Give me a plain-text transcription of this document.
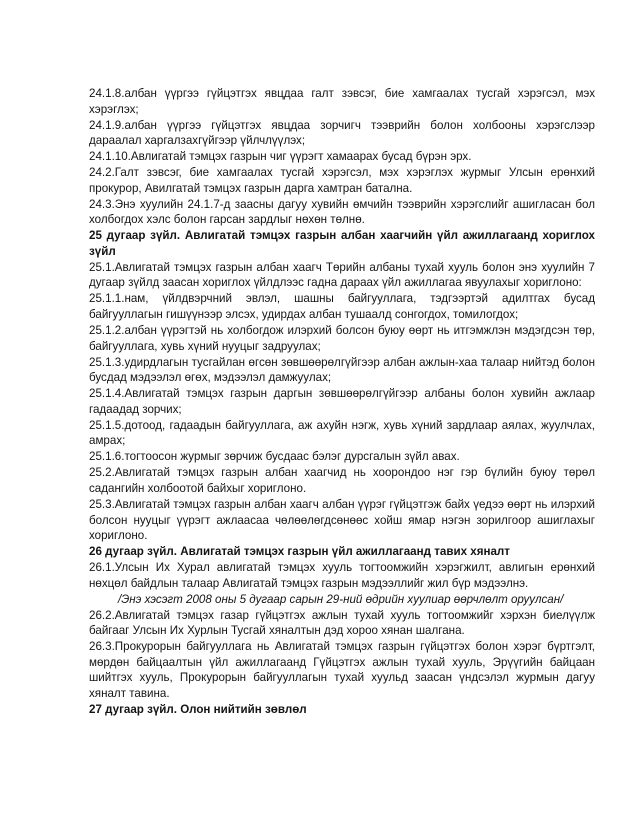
24.1.8.албан үүргээ гүйцэтгэх явцдаа галт зэвсэг, бие хамгаалах тусгай хэрэгсэл, мэх хэрэглэх;

24.1.9.албан үүргээ гүйцэтгэх явцдаа зорчигч тээврийн болон холбооны хэрэгслээр дараалал харгалзахгүйгээр үйлчлүүлэх;

24.1.10.Авлигатай тэмцэх газрын чиг үүрэгт хамаарах бусад бүрэн эрх.

24.2.Галт зэвсэг, бие хамгаалах тусгай хэрэгсэл, мэх хэрэглэх журмыг Улсын ерөнхий прокурор, Авилгатай тэмцэх газрын дарга хамтран батална.

24.3.Энэ хуулийн 24.1.7-д заасны дагуу хувийн өмчийн тээврийн хэрэгслийг ашигласан бол холбогдох хэлс болон гарсан зардлыг нөхөн төлнө.

25 дугаар зүйл. Авлигатай тэмцэх газрын албан хаагчийн үйл ажиллагаанд хориглох зүйл

25.1.Авлигатай тэмцэх газрын албан хаагч Төрийн албаны тухай хууль болон энэ хуулийн 7 дугаар зүйлд заасан хориглох үйлдлээс гадна дараах үйл ажиллагаа явуулахыг хориглоно:

25.1.1.нам, үйлдвэрчний эвлэл, шашны байгууллага, тэдгээртэй адилтгах бусад байгууллагын гишүүнээр элсэх, удирдах албан тушаалд сонгогдох, томилогдох;

25.1.2.албан үүрэгтэй нь холбогдож илэрхий болсон буюу өөрт нь итгэмжлэн мэдэгдсэн төр, байгууллага, хувь хүний нууцыг задруулах;

25.1.3.удирдлагын тусгайлан өгсөн зөвшөөрөлгүйгээр албан ажлын-хаа талаар нийтэд болон бусдад мэдээлэл өгөх, мэдээлэл дамжуулах;

25.1.4.Авлигатай тэмцэх газрын даргын зөвшөөрөлгүйгээр албаны болон хувийн ажлаар гадаадад зорчих;

25.1.5.дотоод, гадаадын байгууллага, аж ахуйн нэгж, хувь хүний зардлаар аялах, жуулчлах, амрах;

25.1.6.тогтоосон журмыг зөрчиж бусдаас бэлэг дурсгалын зүйл авах.

25.2.Авлигатай тэмцэх газрын албан хаагчид нь хоорондоо нэг гэр бүлийн буюу төрөл садангийн холбоотой байхыг хориглоно.

25.3.Авлигатай тэмцэх газрын албан хаагч албан үүрэг гүйцэтгэж байх үедээ өөрт нь илэрхий болсон нууцыг үүрэгт ажлаасаа чөлөөлөгдсөнөөс хойш ямар нэгэн зорилгоор ашиглахыг хориглоно.

26 дугаар зүйл. Авлигатай тэмцэх газрын үйл ажиллагаанд тавих хяналт

26.1.Улсын Их Хурал авлигатай тэмцэх хууль тогтоомжийн хэрэгжилт, авлигын ерөнхий нөхцөл байдлын талаар Авлигатай тэмцэх газрын мэдээллийг жил бүр мэдээлнэ.

/Энэ хэсэгт 2008 оны 5 дугаар сарын 29-ний өдрийн хуулиар өөрчлөлт оруулсан/

26.2.Авлигатай тэмцэх газар гүйцэтгэх ажлын тухай хууль тогтоомжийг хэрхэн биелүүлж байгааг Улсын Их Хурлын Тусгай хяналтын дэд хороо хянан шалгана.

26.3.Прокурорын байгууллага нь Авлигатай тэмцэх газрын гүйцэтгэх болон хэрэг бүртгэлт, мөрдөн байцаалтын үйл ажиллагаанд Гүйцэтгэх ажлын тухай хууль, Эрүүгийн байцаан шийтгэх хууль, Прокурорын байгууллагын тухай хуульд заасан үндсэлэл журмын дагуу хяналт тавина.

27 дугаар зүйл. Олон нийтийн зөвлөл
